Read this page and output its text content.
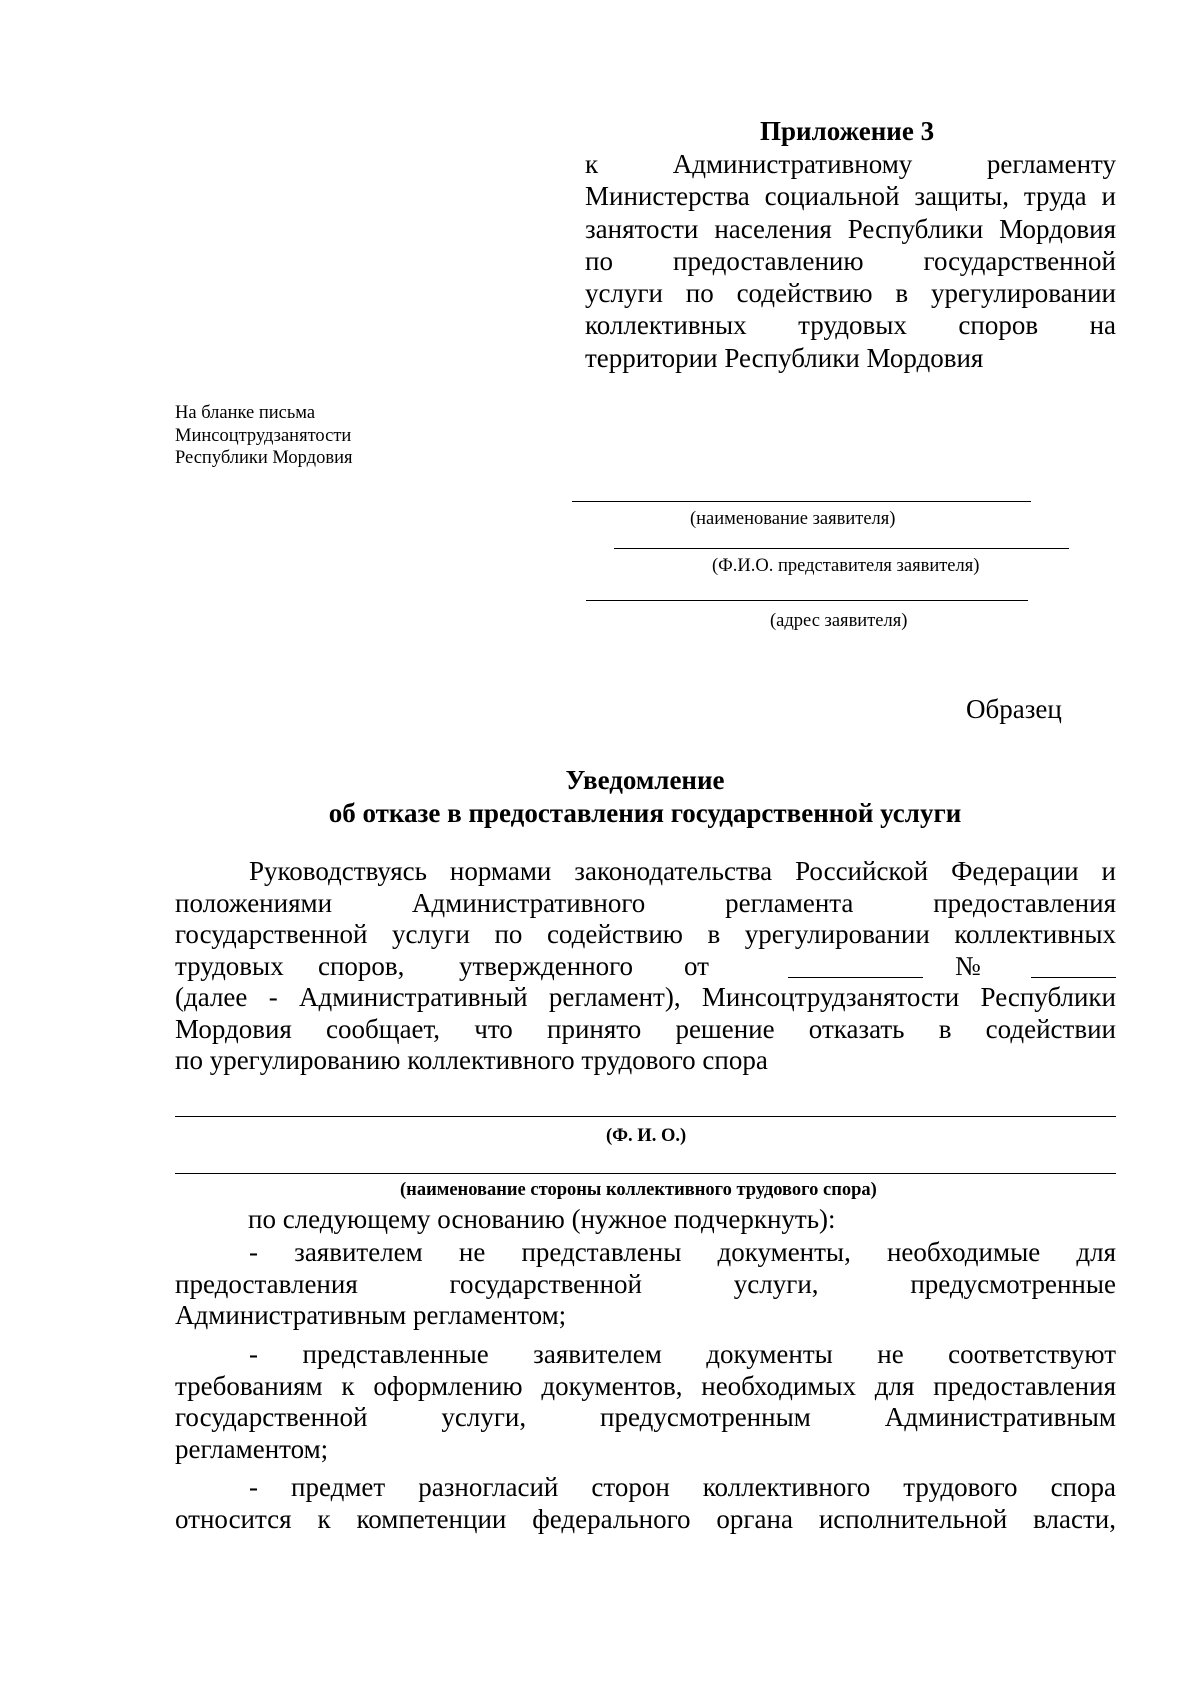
Приложение 3
к Административному регламенту
Министерства социальной защиты, труда и
занятости населения Республики Мордовия
по предоставлению государственной
услуги по содействию в урегулировании
коллективных трудовых споров на
территории Республики Мордовия
На бланке письма
Минсоцтрудзанятости
Республики Мордовия
(наименование заявителя)
(Ф.И.О. представителя заявителя)
(адрес заявителя)
Образец
Уведомление
об отказе в предоставления государственной услуги
Руководствуясь нормами законодательства Российской Федерации и
положениями Административного регламента предоставления
государственной услуги по содействию в урегулировании коллективных
трудовых споров, утвержденного от	№
(далее - Административный регламент), Минсоцтрудзанятости Республики
Мордовия сообщает, что принято решение отказать в содействии
по урегулированию коллективного трудового спора
(Ф. И. О.)
(наименование стороны коллективного трудового спора)
по следующему основанию (нужное подчеркнуть):
- заявителем не представлены документы, необходимые для
предоставления государственной услуги, предусмотренные
Административным регламентом;
- представленные заявителем документы не соответствуют
требованиям к оформлению документов, необходимых для предоставления
государственной услуги, предусмотренным Административным
регламентом;
- предмет разногласий сторон коллективного трудового спора
относится к компетенции федерального органа исполнительной власти,
